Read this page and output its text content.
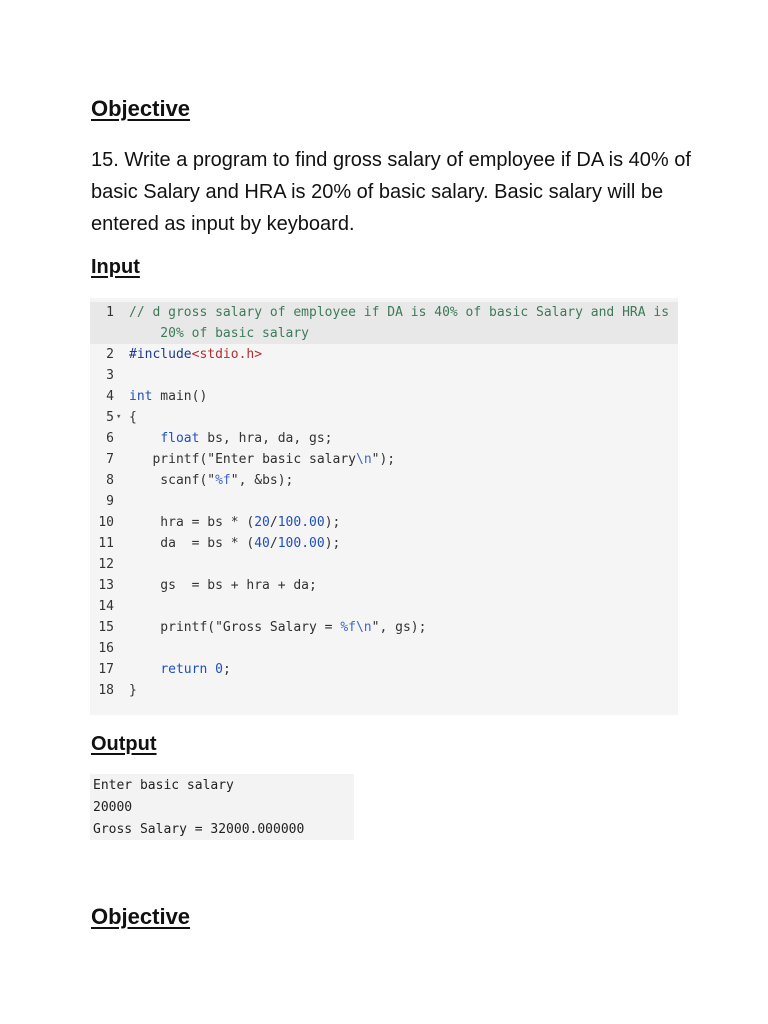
Objective

15. Write a program to find gross salary of employee if DA is 40% of basic Salary and HRA is 20% of basic salary. Basic salary will be entered as input by keyboard.

Input
1 // d gross salary of employee if DA is 40% of basic Salary and HRA is
20% of basic salary
2 #include<stdio.h>
3
4 int main()
5 ▾ {
6	float bs, hra, da, gs;
7 printf("Enter basic salary\n");
8 scanf("%f", &bs);
9
10 hra = bs * (20/100.00);
11 da  = bs * (40/100.00);
12
13 gs  = bs + hra + da;
14
15 printf("Gross Salary = %f\n", gs);
16
17	return 0;
18 }
Output
Enter basic salary
20000
Gross Salary = 32000.000000
Objective
